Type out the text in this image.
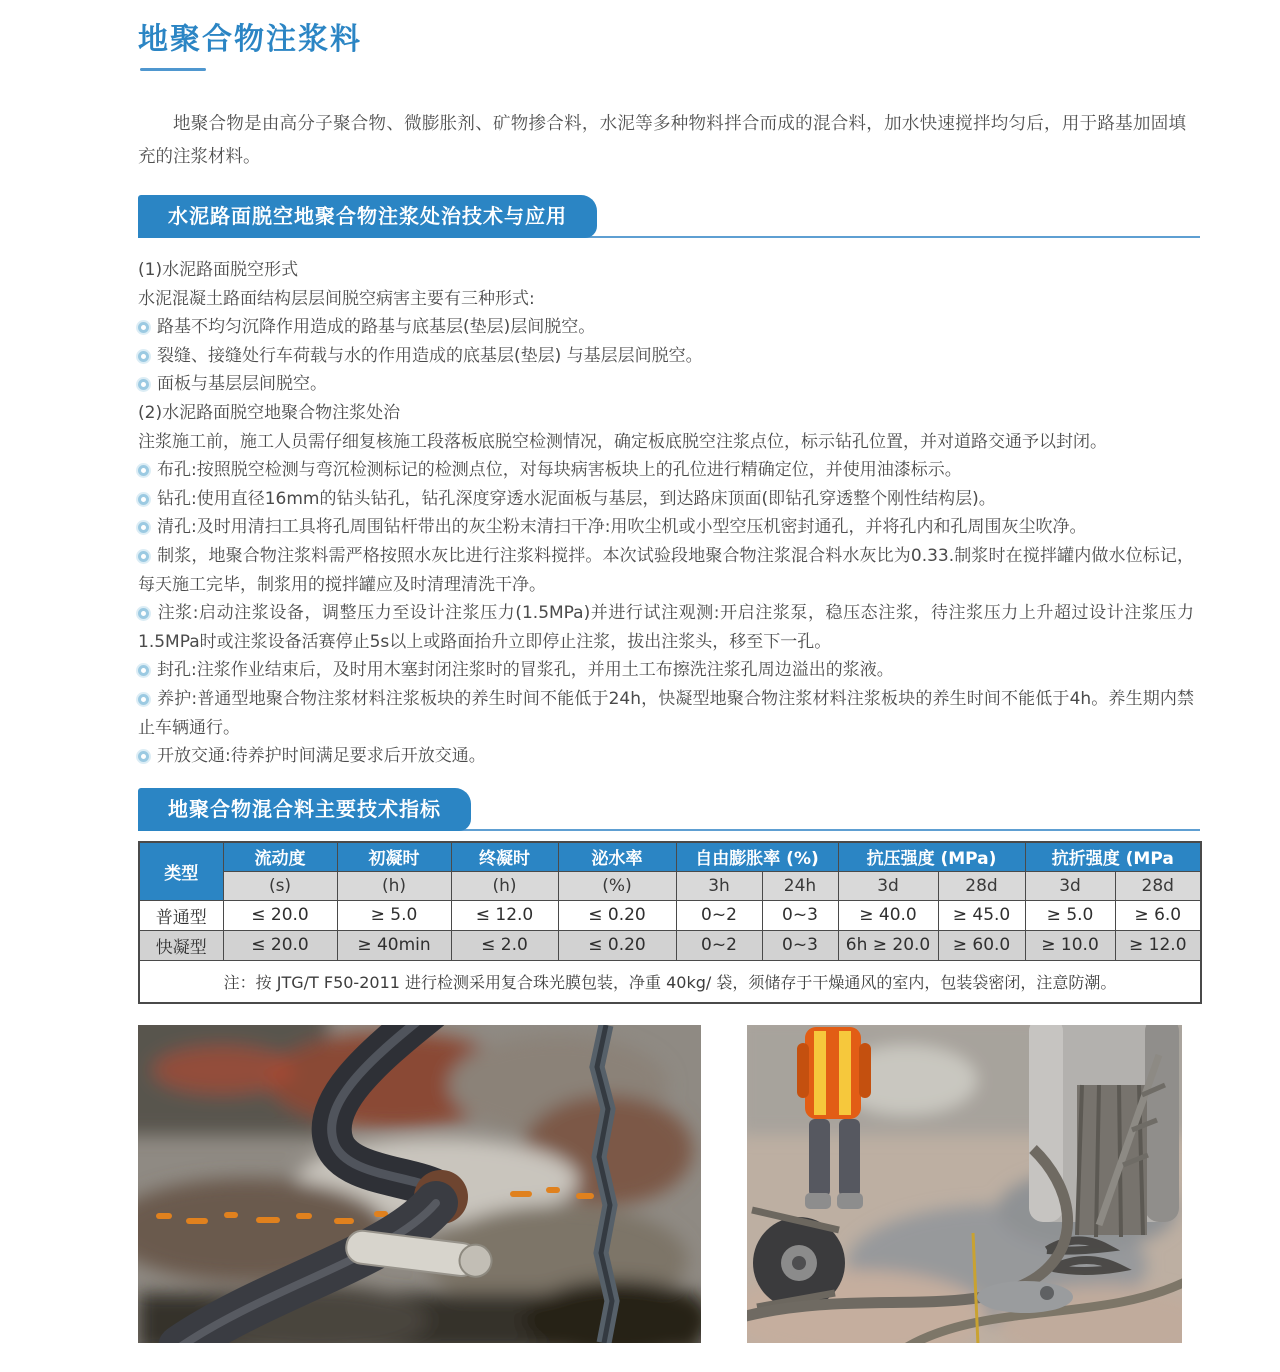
地聚合物注浆料

地聚合物是由高分子聚合物、微膨胀剂、矿物掺合料，水泥等多种物料拌合而成的混合料，加水快速搅拌均匀后，用于路基加固填充的注浆材料。

水泥路面脱空地聚合物注浆处治技术与应用

(1)水泥路面脱空形式

水泥混凝土路面结构层层间脱空病害主要有三种形式:

路基不均匀沉降作用造成的路基与底基层(垫层)层间脱空。

裂缝、接缝处行车荷载与水的作用造成的底基层(垫层) 与基层层间脱空。

面板与基层层间脱空。

(2)水泥路面脱空地聚合物注浆处治

注浆施工前，施工人员需仔细复核施工段落板底脱空检测情况，确定板底脱空注浆点位，标示钻孔位置，并对道路交通予以封闭。

布孔:按照脱空检测与弯沉检测标记的检测点位，对每块病害板块上的孔位进行精确定位，并使用油漆标示。

钻孔:使用直径16mm的钻头钻孔，钻孔深度穿透水泥面板与基层，到达路床顶面(即钻孔穿透整个刚性结构层)。

清孔:及时用清扫工具将孔周围钻杆带出的灰尘粉末清扫干净:用吹尘机或小型空压机密封通孔，并将孔内和孔周围灰尘吹净。

制浆，地聚合物注浆料需严格按照水灰比进行注浆料搅拌。本次试验段地聚合物注浆混合料水灰比为0.33.制浆时在搅拌罐内做水位标记，每天施工完毕，制浆用的搅拌罐应及时清理清洗干净。

注浆:启动注浆设备，调整压力至设计注浆压力(1.5MPa)并进行试注观测:开启注浆泵，稳压态注浆，待注浆压力上升超过设计注浆压力1.5MPa时或注浆设备活赛停止5s以上或路面抬升立即停止注浆，拔出注浆头，移至下一孔。

封孔:注浆作业结束后，及时用木塞封闭注浆时的冒浆孔，并用土工布擦洗注浆孔周边溢出的浆液。

养护:普通型地聚合物注浆材料注浆板块的养生时间不能低于24h，快凝型地聚合物注浆材料注浆板块的养生时间不能低于4h。养生期内禁止车辆通行。

开放交通:待养护时间满足要求后开放交通。

地聚合物混合料主要技术指标
类型	流动度	初凝时	终凝时	泌水率	自由膨胀率 (%)		抗压强度 (MPa)		抗折强度 (MPa	
	(s)	(h)	(h)	(%)	3h	24h	3d	28d	3d	28d
普通型	≤ 20.0	≥ 5.0	≤ 12.0	≤ 0.20	0~2	0~3	≥ 40.0	≥ 45.0	≥ 5.0	≥ 6.0
快凝型	≤ 20.0	≥ 40min	≤ 2.0	≤ 0.20	0~2	0~3	6h ≥ 20.0	≥ 60.0	≥ 10.0	≥ 12.0
注：按 JTG/T F50-2011 进行检测采用复合珠光膜包装，净重 40kg/ 袋，须储存于干燥通风的室内，包装袋密闭，注意防潮。										
